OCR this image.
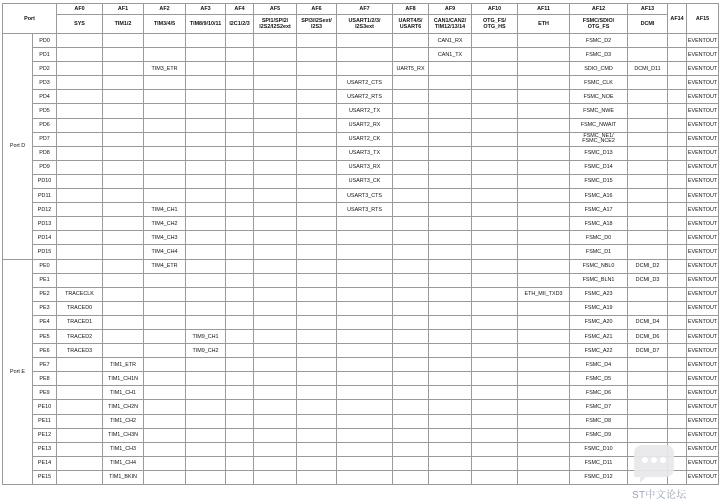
Port		AF0	AF1	AF2	AF3	AF4	AF5	AF6	AF7	AF8	AF9	AF10	AF11	AF12	AF13	AF14	AF15

		SYS	TIM1/2	TIM3/4/5	TIM8/9/10/11	I2C1/2/3	SPI1/SPI2/
I2S2/I2S2ext	SPI3/I2Sext/
I2S3	USART1/2/3/
I2S3ext	UART4/5/
USART6	CAN1/CAN2/
TIM12/13/14	OTG_FS/ OTG_HS	ETH	FSMC/SDIO/
OTG_FS	DCMI		

Port D	PD0										CAN1_RX			FSMC_D2			EVENTOUT
	PD1										CAN1_TX			FSMC_D3			EVENTOUT
	PD2			TIM3_ETR						UART5_RX				SDIO_CMD	DCMI_D11		EVENTOUT
	PD3								USART2_CTS					FSMC_CLK			EVENTOUT
	PD4								USART2_RTS					FSMC_NOE			EVENTOUT
	PD5								USART2_TX					FSMC_NWE			EVENTOUT
	PD6								USART2_RX					FSMC_NWAIT			EVENTOUT
	PD7								USART2_CK					FSMC_NE1/ FSMC_NCE2			EVENTOUT
	PD8								USART3_TX					FSMC_D13			EVENTOUT
	PD9								USART3_RX					FSMC_D14			EVENTOUT
	PD10								USART3_CK					FSMC_D15			EVENTOUT
	PD11								USART3_CTS					FSMC_A16			EVENTOUT
	PD12			TIM4_CH1					USART3_RTS					FSMC_A17			EVENTOUT
	PD13			TIM4_CH2										FSMC_A18			EVENTOUT
	PD14			TIM4_CH3										FSMC_D0			EVENTOUT
	PD15			TIM4_CH4										FSMC_D1			EVENTOUT
Port E	PE0			TIM4_ETR										FSMC_NBL0	DCMI_D2		EVENTOUT
	PE1													FSMC_BLN1	DCMI_D3		EVENTOUT
	PE2	TRACECLK											ETH_MII_TXD3	FSMC_A23			EVENTOUT
	PE3	TRACED0												FSMC_A19			EVENTOUT
	PE4	TRACED1												FSMC_A20	DCMI_D4		EVENTOUT
	PE5	TRACED2			TIM9_CH1									FSMC_A21	DCMI_D6		EVENTOUT
	PE6	TRACED3			TIM9_CH2									FSMC_A22	DCMI_D7		EVENTOUT
	PE7		TIM1_ETR											FSMC_D4			EVENTOUT
	PE8		TIM1_CH1N											FSMC_D5			EVENTOUT
	PE9		TIM1_CH1											FSMC_D6			EVENTOUT
	PE10		TIM1_CH2N											FSMC_D7			EVENTOUT
	PE11		TIM1_CH2											FSMC_D8			EVENTOUT
	PE12		TIM1_CH3N											FSMC_D9			EVENTOUT
	PE13		TIM1_CH3											FSMC_D10			EVENTOUT
	PE14		TIM1_CH4											FSMC_D11			EVENTOUT
	PE15		TIM1_BKIN											FSMC_D12			EVENTOUT
ST中文论坛
